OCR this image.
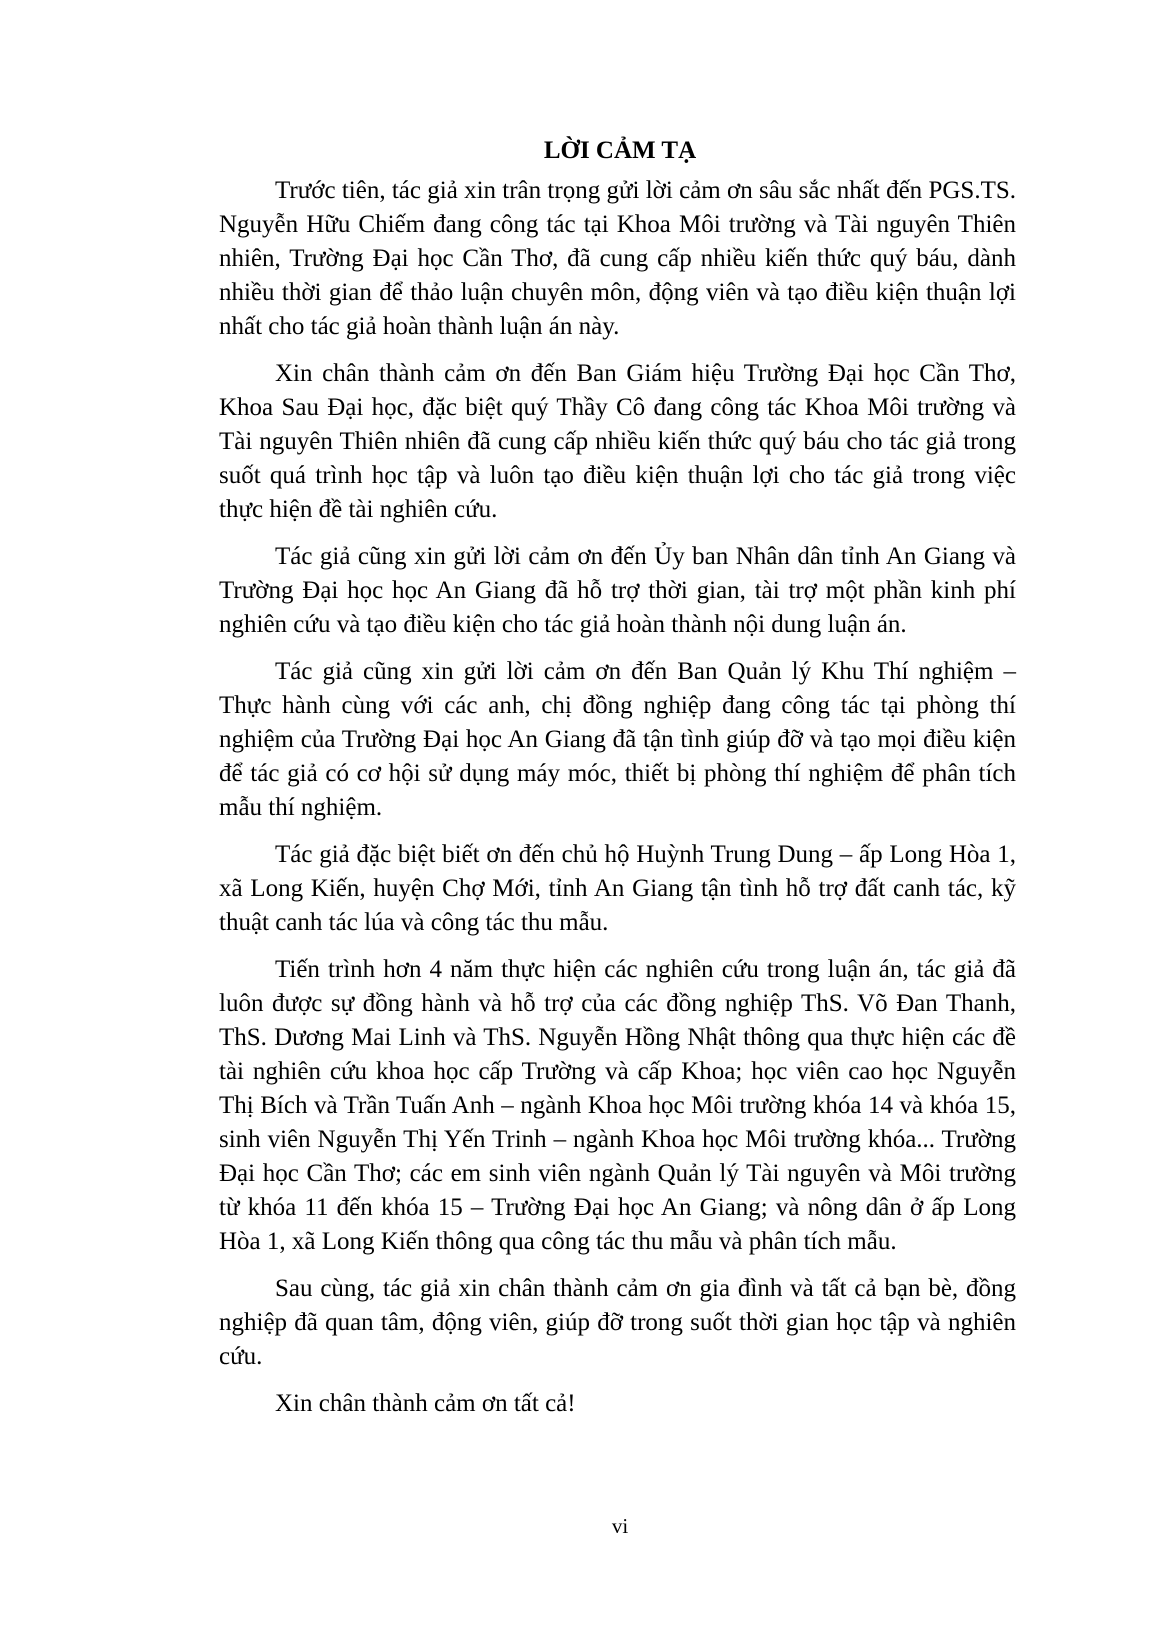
LỜI CẢM TẠ

Trước tiên, tác giả xin trân trọng gửi lời cảm ơn sâu sắc nhất đến PGS.TS. Nguyễn Hữu Chiếm đang công tác tại Khoa Môi trường và Tài nguyên Thiên nhiên, Trường Đại học Cần Thơ, đã cung cấp nhiều kiến thức quý báu, dành nhiều thời gian để thảo luận chuyên môn, động viên và tạo điều kiện thuận lợi nhất cho tác giả hoàn thành luận án này.

Xin chân thành cảm ơn đến Ban Giám hiệu Trường Đại học Cần Thơ, Khoa Sau Đại học, đặc biệt quý Thầy Cô đang công tác Khoa Môi trường và Tài nguyên Thiên nhiên đã cung cấp nhiều kiến thức quý báu cho tác giả trong suốt quá trình học tập và luôn tạo điều kiện thuận lợi cho tác giả trong việc thực hiện đề tài nghiên cứu.

Tác giả cũng xin gửi lời cảm ơn đến Ủy ban Nhân dân tỉnh An Giang và Trường Đại học học An Giang đã hỗ trợ thời gian, tài trợ một phần kinh phí nghiên cứu và tạo điều kiện cho tác giả hoàn thành nội dung luận án.

Tác giả cũng xin gửi lời cảm ơn đến Ban Quản lý Khu Thí nghiệm – Thực hành cùng với các anh, chị đồng nghiệp đang công tác tại phòng thí nghiệm của Trường Đại học An Giang đã tận tình giúp đỡ và tạo mọi điều kiện để tác giả có cơ hội sử dụng máy móc, thiết bị phòng thí nghiệm để phân tích mẫu thí nghiệm.

Tác giả đặc biệt biết ơn đến chủ hộ Huỳnh Trung Dung – ấp Long Hòa 1, xã Long Kiến, huyện Chợ Mới, tỉnh An Giang tận tình hỗ trợ đất canh tác, kỹ thuật canh tác lúa và công tác thu mẫu.

Tiến trình hơn 4 năm thực hiện các nghiên cứu trong luận án, tác giả đã luôn được sự đồng hành và hỗ trợ của các đồng nghiệp ThS. Võ Đan Thanh, ThS. Dương Mai Linh và ThS. Nguyễn Hồng Nhật thông qua thực hiện các đề tài nghiên cứu khoa học cấp Trường và cấp Khoa; học viên cao học Nguyễn Thị Bích và Trần Tuấn Anh – ngành Khoa học Môi trường khóa 14 và khóa 15, sinh viên Nguyễn Thị Yến Trinh – ngành Khoa học Môi trường khóa... Trường Đại học Cần Thơ; các em sinh viên ngành Quản lý Tài nguyên và Môi trường từ khóa 11 đến khóa 15 – Trường Đại học An Giang; và nông dân ở ấp Long Hòa 1, xã Long Kiến thông qua công tác thu mẫu và phân tích mẫu.

Sau cùng, tác giả xin chân thành cảm ơn gia đình và tất cả bạn bè, đồng nghiệp đã quan tâm, động viên, giúp đỡ trong suốt thời gian học tập và nghiên cứu.

Xin chân thành cảm ơn tất cả!

vi
